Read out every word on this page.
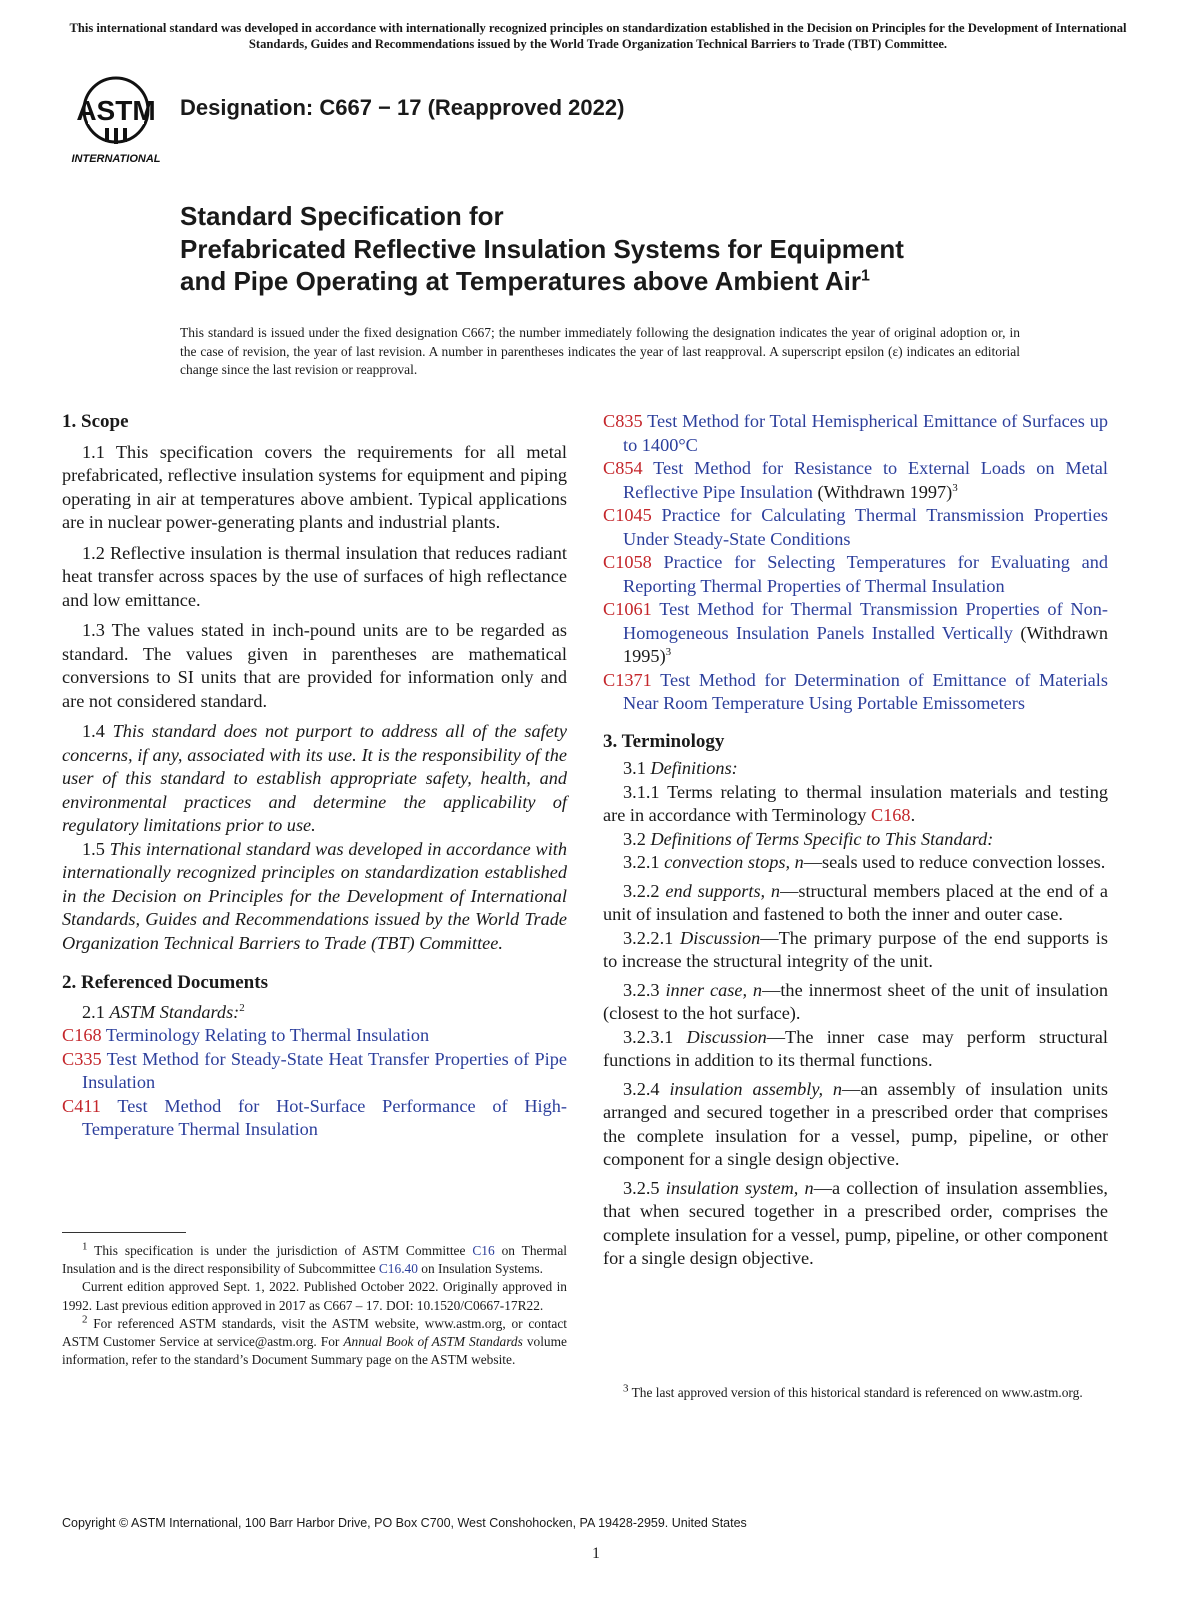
This international standard was developed in accordance with internationally recognized principles on standardization established in the Decision on Principles for the Development of International Standards, Guides and Recommendations issued by the World Trade Organization Technical Barriers to Trade (TBT) Committee.
ASTM
INTERNATIONAL
Designation: C667 − 17 (Reapproved 2022)
Standard Specification for
Prefabricated Reflective Insulation Systems for Equipment
and Pipe Operating at Temperatures above Ambient Air$^1$
This standard is issued under the fixed designation C667; the number immediately following the designation indicates the year of original adoption or, in the case of revision, the year of last revision. A number in parentheses indicates the year of last reapproval. A superscript epsilon (ε) indicates an editorial change since the last revision or reapproval.

1. Scope

1.1 This specification covers the requirements for all metal prefabricated, reflective insulation systems for equipment and piping operating in air at temperatures above ambient. Typical applications are in nuclear power-generating plants and industrial plants.

1.2 Reflective insulation is thermal insulation that reduces radiant heat transfer across spaces by the use of surfaces of high reflectance and low emittance.

1.3 The values stated in inch-pound units are to be regarded as standard. The values given in parentheses are mathematical conversions to SI units that are provided for information only and are not considered standard.

1.4 This standard does not purport to address all of the safety concerns, if any, associated with its use. It is the responsibility of the user of this standard to establish appropriate safety, health, and environmental practices and determine the applicability of regulatory limitations prior to use.

1.5 This international standard was developed in accordance with internationally recognized principles on standardization established in the Decision on Principles for the Development of International Standards, Guides and Recommendations issued by the World Trade Organization Technical Barriers to Trade (TBT) Committee.

2. Referenced Documents

2.1 ASTM Standards:$^2$

C168 Terminology Relating to Thermal Insulation

C335 Test Method for Steady-State Heat Transfer Properties of Pipe Insulation

C411 Test Method for Hot-Surface Performance of High-Temperature Thermal Insulation

$^1$ This specification is under the jurisdiction of ASTM Committee C16 on Thermal Insulation and is the direct responsibility of Subcommittee C16.40 on Insulation Systems.

Current edition approved Sept. 1, 2022. Published October 2022. Originally approved in 1992. Last previous edition approved in 2017 as C667 – 17. DOI: 10.1520/C0667-17R22.

$^2$ For referenced ASTM standards, visit the ASTM website, www.astm.org, or contact ASTM Customer Service at service@astm.org. For Annual Book of ASTM Standards volume information, refer to the standard’s Document Summary page on the ASTM website.

C835 Test Method for Total Hemispherical Emittance of Surfaces up to 1400°C

C854 Test Method for Resistance to External Loads on Metal Reflective Pipe Insulation (Withdrawn 1997)$^3$

C1045 Practice for Calculating Thermal Transmission Properties Under Steady-State Conditions

C1058 Practice for Selecting Temperatures for Evaluating and Reporting Thermal Properties of Thermal Insulation

C1061 Test Method for Thermal Transmission Properties of Non-Homogeneous Insulation Panels Installed Vertically (Withdrawn 1995)$^3$

C1371 Test Method for Determination of Emittance of Materials Near Room Temperature Using Portable Emissometers

3. Terminology

3.1 Definitions:

3.1.1 Terms relating to thermal insulation materials and testing are in accordance with Terminology C168.

3.2 Definitions of Terms Specific to This Standard:

3.2.1 convection stops, n—seals used to reduce convection losses.

3.2.2 end supports, n—structural members placed at the end of a unit of insulation and fastened to both the inner and outer case.

3.2.2.1 Discussion—The primary purpose of the end supports is to increase the structural integrity of the unit.

3.2.3 inner case, n—the innermost sheet of the unit of insulation (closest to the hot surface).

3.2.3.1 Discussion—The inner case may perform structural functions in addition to its thermal functions.

3.2.4 insulation assembly, n—an assembly of insulation units arranged and secured together in a prescribed order that comprises the complete insulation for a vessel, pump, pipeline, or other component for a single design objective.

3.2.5 insulation system, n—a collection of insulation assemblies, that when secured together in a prescribed order, comprises the complete insulation for a vessel, pump, pipeline, or other component for a single design objective.

$^3$ The last approved version of this historical standard is referenced on www.astm.org.

Copyright © ASTM International, 100 Barr Harbor Drive, PO Box C700, West Conshohocken, PA 19428-2959. United States
1
